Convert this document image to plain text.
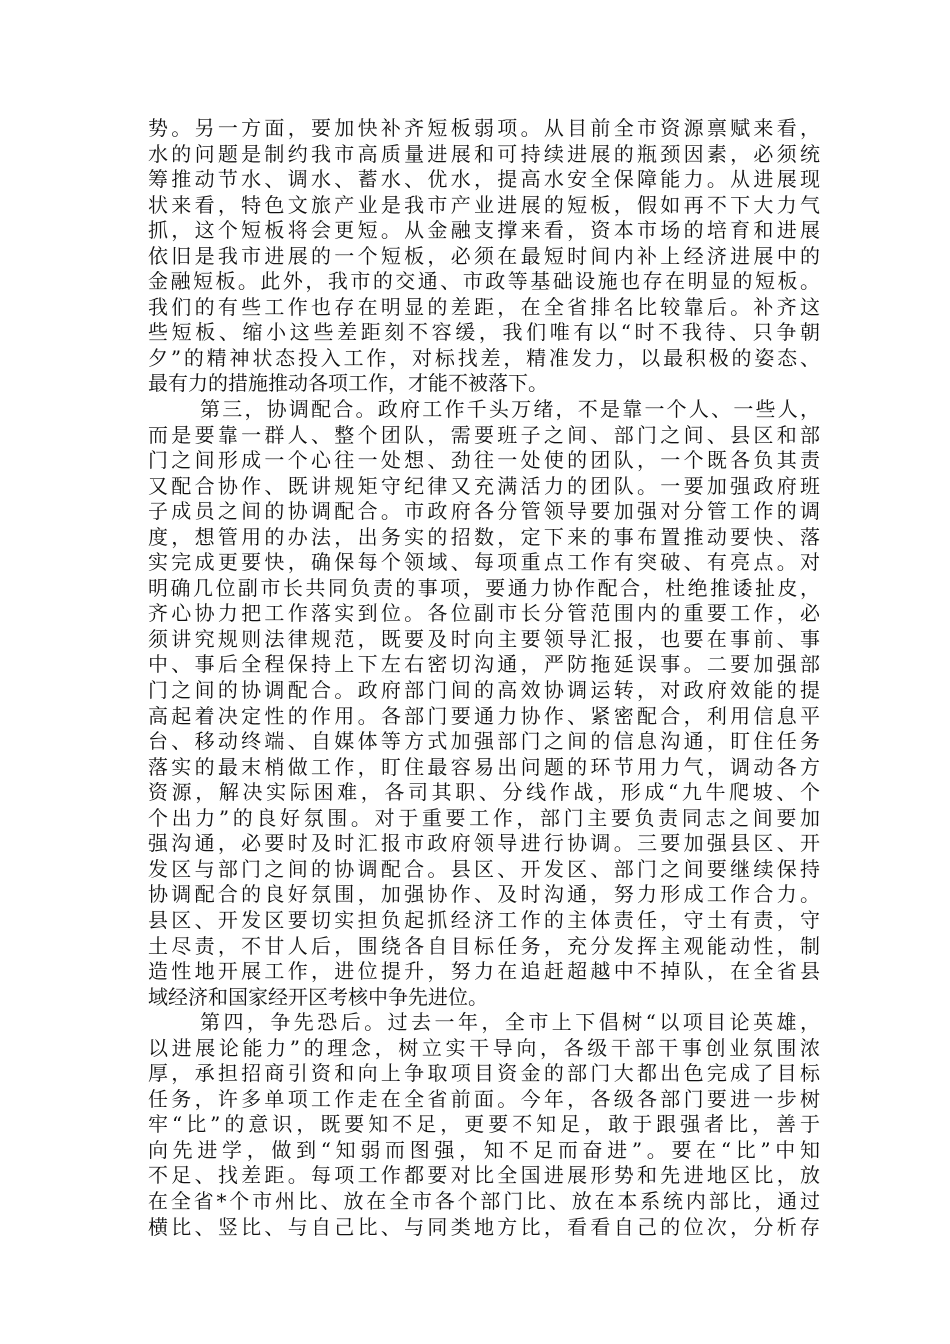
势。另一方面，要加快补齐短板弱项。从目前全市资源禀赋来看，
水的问题是制约我市高质量进展和可持续进展的瓶颈因素，必须统
筹推动节水、调水、蓄水、优水，提高水安全保障能力。从进展现
状来看，特色文旅产业是我市产业进展的短板，假如再不下大力气
抓，这个短板将会更短。从金融支撑来看，资本市场的培育和进展
依旧是我市进展的一个短板，必须在最短时间内补上经济进展中的
金融短板。此外，我市的交通、市政等基础设施也存在明显的短板。
我们的有些工作也存在明显的差距，在全省排名比较靠后。补齐这
些短板、缩小这些差距刻不容缓，我们唯有以“时不我待、只争朝
夕”的精神状态投入工作，对标找差，精准发力，以最积极的姿态、
最有力的措施推动各项工作，才能不被落下。
第三，协调配合。政府工作千头万绪，不是靠一个人、一些人，
而是要靠一群人、整个团队，需要班子之间、部门之间、县区和部
门之间形成一个心往一处想、劲往一处使的团队，一个既各负其责
又配合协作、既讲规矩守纪律又充满活力的团队。一要加强政府班
子成员之间的协调配合。市政府各分管领导要加强对分管工作的调
度，想管用的办法，出务实的招数，定下来的事布置推动要快、落
实完成更要快，确保每个领域、每项重点工作有突破、有亮点。对
明确几位副市长共同负责的事项，要通力协作配合，杜绝推诿扯皮，
齐心协力把工作落实到位。各位副市长分管范围内的重要工作，必
须讲究规则法律规范，既要及时向主要领导汇报，也要在事前、事
中、事后全程保持上下左右密切沟通，严防拖延误事。二要加强部
门之间的协调配合。政府部门间的高效协调运转，对政府效能的提
高起着决定性的作用。各部门要通力协作、紧密配合，利用信息平
台、移动终端、自媒体等方式加强部门之间的信息沟通，盯住任务
落实的最末梢做工作，盯住最容易出问题的环节用力气，调动各方
资源，解决实际困难，各司其职、分线作战，形成“九牛爬坡、个
个出力”的良好氛围。对于重要工作，部门主要负责同志之间要加
强沟通，必要时及时汇报市政府领导进行协调。三要加强县区、开
发区与部门之间的协调配合。县区、开发区、部门之间要继续保持
协调配合的良好氛围，加强协作、及时沟通，努力形成工作合力。
县区、开发区要切实担负起抓经济工作的主体责任，守土有责，守
土尽责，不甘人后，围绕各自目标任务，充分发挥主观能动性，制
造性地开展工作，进位提升，努力在追赶超越中不掉队，在全省县
域经济和国家经开区考核中争先进位。
第四，争先恐后。过去一年，全市上下倡树“以项目论英雄，
以进展论能力”的理念，树立实干导向，各级干部干事创业氛围浓
厚，承担招商引资和向上争取项目资金的部门大都出色完成了目标
任务，许多单项工作走在全省前面。今年，各级各部门要进一步树
牢“比”的意识，既要知不足，更要不知足，敢于跟强者比，善于
向先进学，做到“知弱而图强，知不足而奋进”。要在“比”中知
不足、找差距。每项工作都要对比全国进展形势和先进地区比，放
在全省*个市州比、放在全市各个部门比、放在本系统内部比，通过
横比、竖比、与自己比、与同类地方比，看看自己的位次，分析存
